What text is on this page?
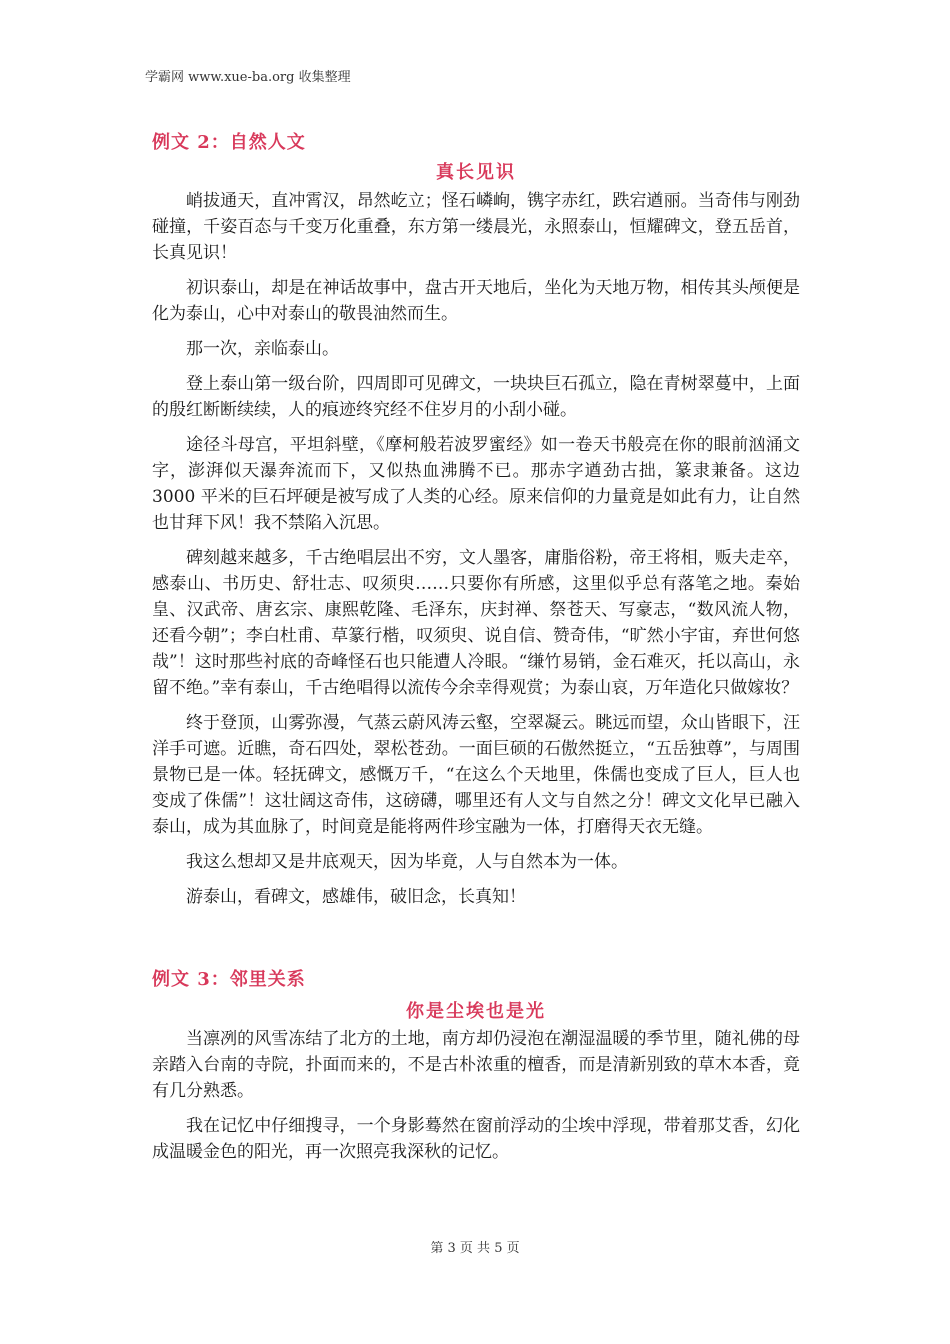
学霸网 www.xue-ba.org 收集整理
例文 2：自然人文
真长见识

峭拔通天，直冲霄汉，昂然屹立；怪石嶙峋，镌字赤红，跌宕遒丽。当奇伟与刚劲碰撞，千姿百态与千变万化重叠，东方第一缕晨光，永照泰山，恒耀碑文，登五岳首，长真见识！

初识泰山，却是在神话故事中，盘古开天地后，坐化为天地万物，相传其头颅便是化为泰山，心中对泰山的敬畏油然而生。

那一次，亲临泰山。

登上泰山第一级台阶，四周即可见碑文，一块块巨石孤立，隐在青树翠蔓中，上面的殷红断断续续，人的痕迹终究经不住岁月的小刮小碰。

途径斗母宫，平坦斜壁，《摩柯般若波罗蜜经》如一卷天书般亮在你的眼前汹涌文字，澎湃似天瀑奔流而下，又似热血沸腾不已。那赤字遒劲古拙，篆隶兼备。这边 3000 平米的巨石坪硬是被写成了人类的心经。原来信仰的力量竟是如此有力，让自然也甘拜下风！我不禁陷入沉思。

碑刻越来越多，千古绝唱层出不穷，文人墨客，庸脂俗粉，帝王将相，贩夫走卒，感泰山、书历史、舒壮志、叹须臾……只要你有所感，这里似乎总有落笔之地。秦始皇、汉武帝、唐玄宗、康熙乾隆、毛泽东，庆封禅、祭苍天、写豪志，“数风流人物，还看今朝”；李白杜甫、草篆行楷，叹须臾、说自信、赞奇伟，“旷然小宇宙，弃世何悠哉”！这时那些衬底的奇峰怪石也只能遭人冷眼。“缣竹易销，金石难灭，托以高山，永留不绝。”幸有泰山，千古绝唱得以流传今余幸得观赏；为泰山哀，万年造化只做嫁妆？

终于登顶，山雾弥漫，气蒸云蔚风涛云壑，空翠凝云。眺远而望，众山皆眼下，汪洋手可遮。近瞧，奇石四处，翠松苍劲。一面巨硕的石傲然挺立，“五岳独尊”，与周围景物已是一体。轻抚碑文，感慨万千，“在这么个天地里，侏儒也变成了巨人，巨人也变成了侏儒”！这壮阔这奇伟，这磅礴，哪里还有人文与自然之分！碑文文化早已融入泰山，成为其血脉了，时间竟是能将两件珍宝融为一体，打磨得天衣无缝。

我这么想却又是井底观天，因为毕竟，人与自然本为一体。

游泰山，看碑文，感雄伟，破旧念，长真知！

例文 3：邻里关系
你是尘埃也是光

当凛冽的风雪冻结了北方的土地，南方却仍浸泡在潮湿温暖的季节里，随礼佛的母亲踏入台南的寺院，扑面而来的，不是古朴浓重的檀香，而是清新别致的草木本香，竟有几分熟悉。

我在记忆中仔细搜寻，一个身影蓦然在窗前浮动的尘埃中浮现，带着那艾香，幻化成温暖金色的阳光，再一次照亮我深秋的记忆。

第 3 页 共 5 页
